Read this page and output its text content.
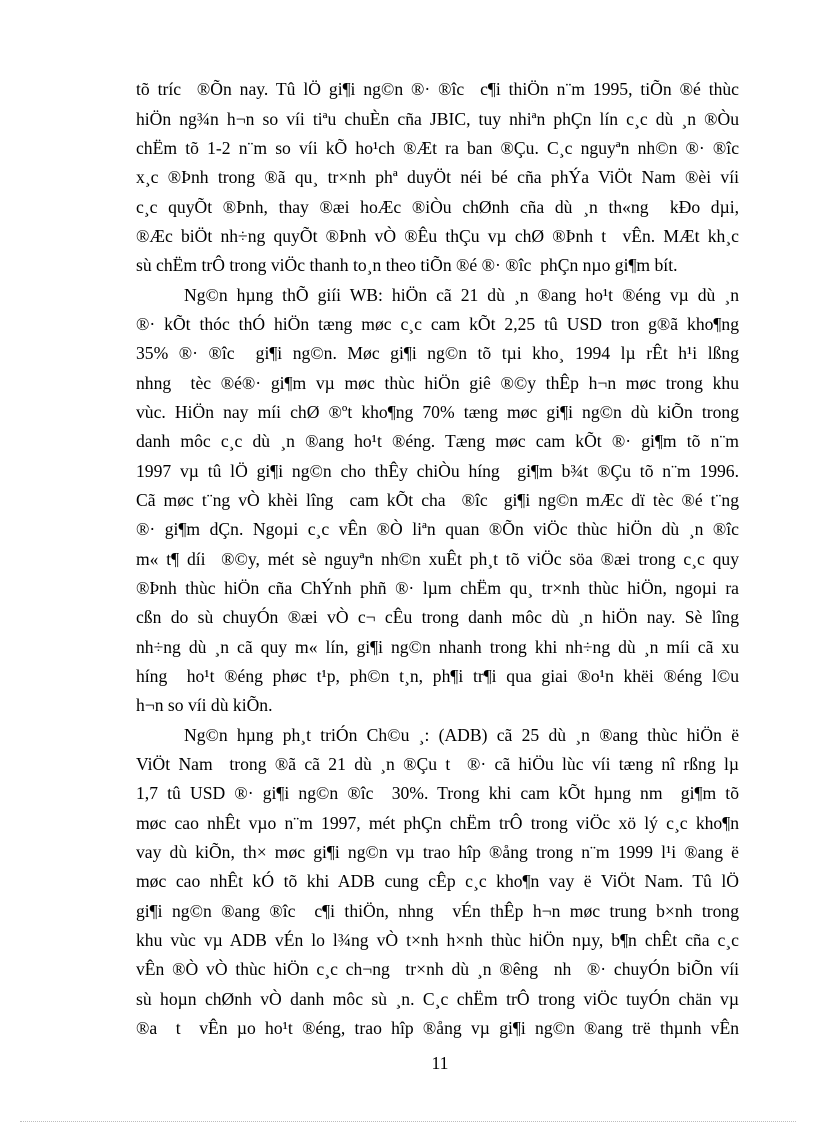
tõ tríc  ®Õn nay. Tû lÖ gi¶i ng©n ®· ®îc  c¶i thiÖn n¨m 1995, tiÕn ®é thùc
hiÖn ng¾n h¬n so víi tiªu chuÈn cña JBIC, tuy nhiªn phÇn lín c¸c dù ¸n ®Òu
chËm tõ 1-2 n¨m so víi kÕ ho¹ch ®Æt ra ban ®Çu. C¸c nguyªn nh©n ®· ®îc
x¸c ®Þnh trong ®ã qu¸ tr×nh phª duyÖt néi bé cña phÝa ViÖt Nam ®èi víi
c¸c quyÕt ®Þnh, thay ®æi hoÆc ®iÒu chØnh cña dù ¸n th«ng  kÐo dµi,
®Æc biÖt nh÷ng quyÕt ®Þnh vÒ ®Êu thÇu vµ chØ ®Þnh t  vÊn. MÆt kh¸c
sù chËm trÔ trong viÖc thanh to¸n theo tiÕn ®é ®· ®îc  phÇn nµo gi¶m bít.
Ng©n hµng thÕ giíi WB: hiÖn cã 21 dù ¸n ®ang ho¹t ®éng vµ dù ¸n
®· kÕt thóc thÓ hiÖn tæng møc c¸c cam kÕt 2,25 tû USD tron g®ã kho¶ng
35% ®· ®îc  gi¶i ng©n. Møc gi¶i ng©n tõ tµi kho¸ 1994 lµ rÊt h¹i lßng
nhng  tèc ®é®· gi¶m vµ møc thùc hiÖn giê ®©y thÊp h¬n møc trong khu
vùc. HiÖn nay míi chØ ®ºt kho¶ng 70% tæng møc gi¶i ng©n dù kiÕn trong
danh môc c¸c dù ¸n ®ang ho¹t ®éng. Tæng møc cam kÕt ®· gi¶m tõ n¨m
1997 vµ tû lÖ gi¶i ng©n cho thÊy chiÒu híng  gi¶m b¾t ®Çu tõ n¨m 1996.
Cã møc t¨ng vÒ khèi lîng  cam kÕt cha  ®îc  gi¶i ng©n mÆc dï tèc ®é t¨ng
®· gi¶m dÇn. Ngoµi c¸c vÊn ®Ò liªn quan ®Õn viÖc thùc hiÖn dù ¸n ®îc
m« t¶ díi  ®©y, mét sè nguyªn nh©n xuÊt ph¸t tõ viÖc söa ®æi trong c¸c quy
®Þnh thùc hiÖn cña ChÝnh phñ ®· lµm chËm qu¸ tr×nh thùc hiÖn, ngoµi ra
cßn do sù chuyÓn ®æi vÒ c¬ cÊu trong danh môc dù ¸n hiÖn nay. Sè lîng
nh÷ng dù ¸n cã quy m« lín, gi¶i ng©n nhanh trong khi nh÷ng dù ¸n míi cã xu
híng  ho¹t ®éng phøc t¹p, ph©n t¸n, ph¶i tr¶i qua giai ®o¹n khëi ®éng l©u
h¬n so víi dù kiÕn.
Ng©n hµng ph¸t triÓn Ch©u ¸: (ADB) cã 25 dù ¸n ®ang thùc hiÖn ë
ViÖt Nam  trong ®ã cã 21 dù ¸n ®Çu t  ®· cã hiÖu lùc víi tæng nî rßng lµ
1,7 tû USD ®· gi¶i ng©n ®îc  30%. Trong khi cam kÕt hµng nm  gi¶m tõ
møc cao nhÊt vµo n¨m 1997, mét phÇn chËm trÔ trong viÖc xö lý c¸c kho¶n
vay dù kiÕn, th× møc gi¶i ng©n vµ trao hîp ®ång trong n¨m 1999 l¹i ®ang ë
møc cao nhÊt kÓ tõ khi ADB cung cÊp c¸c kho¶n vay ë ViÖt Nam. Tû lÖ
gi¶i ng©n ®ang ®îc  c¶i thiÖn, nhng  vÉn thÊp h¬n møc trung b×nh trong
khu vùc vµ ADB vÉn lo l¾ng vÒ t×nh h×nh thùc hiÖn nµy, b¶n chÊt cña c¸c
vÊn ®Ò vÒ thùc hiÖn c¸c ch¬ng  tr×nh dù ¸n ®êng  nh  ®· chuyÓn biÕn víi
sù hoµn chØnh vÒ danh môc sù ¸n. C¸c chËm trÔ trong viÖc tuyÓn chän vµ
®a  t  vÊn µo ho¹t ®éng, trao hîp ®ång vµ gi¶i ng©n ®ang trë thµnh vÊn
11
